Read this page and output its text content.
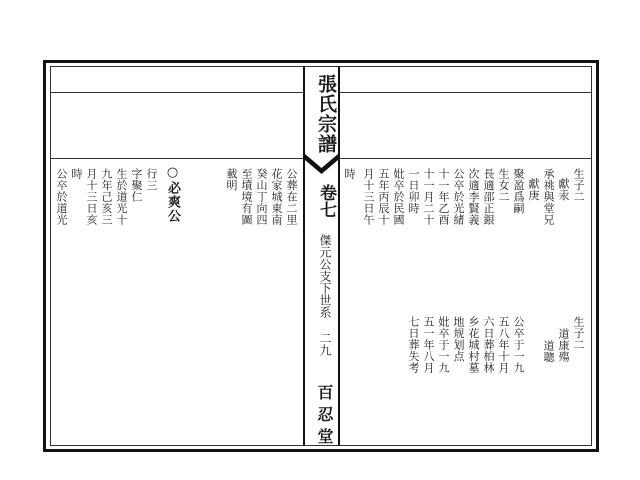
張氏宗譜
卷七
傑元公支下世系 二九
百忍堂
公葬在二里
花家城東南
癸山丁向四
至墳境有圖
載明
○必爽公
行三
字聚仁
生於道光十
九年己亥三
月十三日亥
時
公卒於道光	生子二
獻汞
承祧與堂兄
獻庚
聚盈爲嗣
生女二
長適邵正銀
次適李賢義
公卒於光緒
十一年乙酉
十一月二十
一日卯時
妣卒於民國
五年丙辰十
月十三日午
時
生子二
道康殤
道聰
公卒于一九
五八年十月
六日葬柏林
乡花城村墓
地规划点
妣卒于一九
五一年八月
七日葬失考
